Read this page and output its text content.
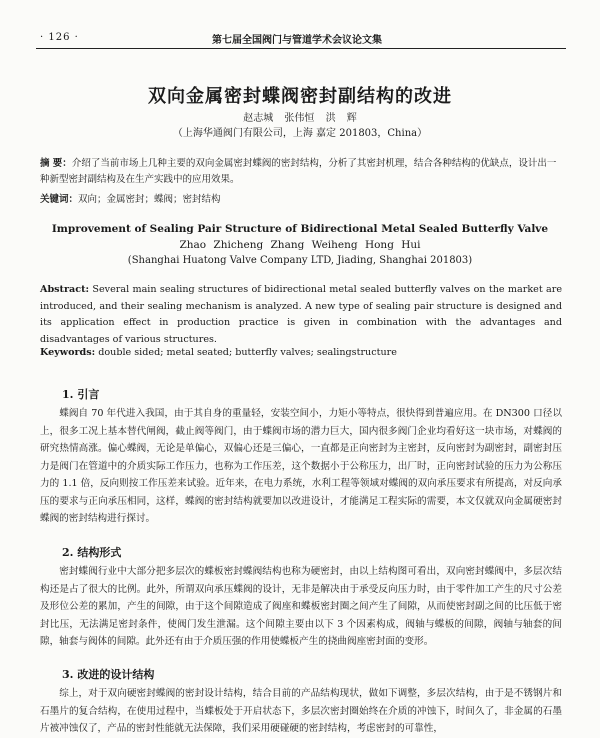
· 126 ·	第七届全国阀门与管道学术会议论文集
双向金属密封蝶阀密封副结构的改进
赵志城 张伟恒 洪 辉
（上海华通阀门有限公司，上海 嘉定 201803，China）
摘 要：介绍了当前市场上几种主要的双向金属密封蝶阀的密封结构，分析了其密封机理，结合各种结构的优缺点，设计出一种新型密封副结构及在生产实践中的应用效果。
关键词：双向；金属密封；蝶阀；密封结构
Improvement of Sealing Pair Structure of Bidirectional Metal Sealed Butterfly Valve
Zhao Zhicheng Zhang Weiheng Hong Hui
(Shanghai Huatong Valve Company LTD, Jiading, Shanghai 201803)
Abstract: Several main sealing structures of bidirectional metal sealed butterfly valves on the market are introduced, and their sealing mechanism is analyzed. A new type of sealing pair structure is designed and its application effect in production practice is given in combination with the advantages and disadvantages of various structures.
Keywords: double sided; metal seated; butterfly valves; sealingstructure
1. 引言
蝶阀自 70 年代进入我国，由于其自身的重量轻，安装空间小，力矩小等特点，很快得到普遍应用。在 DN300 口径以上，很多工况上基本替代闸阀，截止阀等阀门，由于蝶阀市场的潜力巨大，国内很多阀门企业均看好这一块市场，对蝶阀的研究热情高涨。偏心蝶阀，无论是单偏心，双偏心还是三偏心，一直都是正向密封为主密封，反向密封为副密封，副密封压力是阀门在管道中的介质实际工作压力，也称为工作压差，这个数据小于公称压力，出厂时，正向密封试验的压力为公称压力的 1.1 倍，反向则按工作压差来试验。近年来，在电力系统，水利工程等领域对蝶阀的双向承压要求有所提高，对反向承压的要求与正向承压相同，这样，蝶阀的密封结构就要加以改进设计，才能满足工程实际的需要，本文仅就双向金属硬密封蝶阀的密封结构进行探讨。
2. 结构形式
密封蝶阀行业中大部分把多层次的蝶板密封蝶阀结构也称为硬密封，由以上结构图可看出，双向密封蝶阀中，多层次结构还是占了很大的比例。此外，所谓双向承压蝶阀的设计，无非是解决由于承受反向压力时，由于零件加工产生的尺寸公差及形位公差的累加，产生的间隙，由于这个间隙造成了阀座和蝶板密封圈之间产生了间隙，从而使密封副之间的比压低于密封比压，无法满足密封条件，使阀门发生泄漏。这个间隙主要由以下 3 个因素构成，阀轴与蝶板的间隙，阀轴与轴套的间隙，轴套与阀体的间隙。此外还有由于介质压强的作用使蝶板产生的挠曲阀座密封面的变形。
3. 改进的设计结构
综上，对于双向硬密封蝶阀的密封设计结构，结合目前的产品结构现状，做如下调整，多层次结构，由于是不锈钢片和石墨片的复合结构，在使用过程中，当蝶板处于开启状态下，多层次密封圈始终在介质的冲蚀下，时间久了，非金属的石墨片被冲蚀仅了，产品的密封性能就无法保障，我们采用硬碰硬的密封结构，考虑密封的可靠性，
